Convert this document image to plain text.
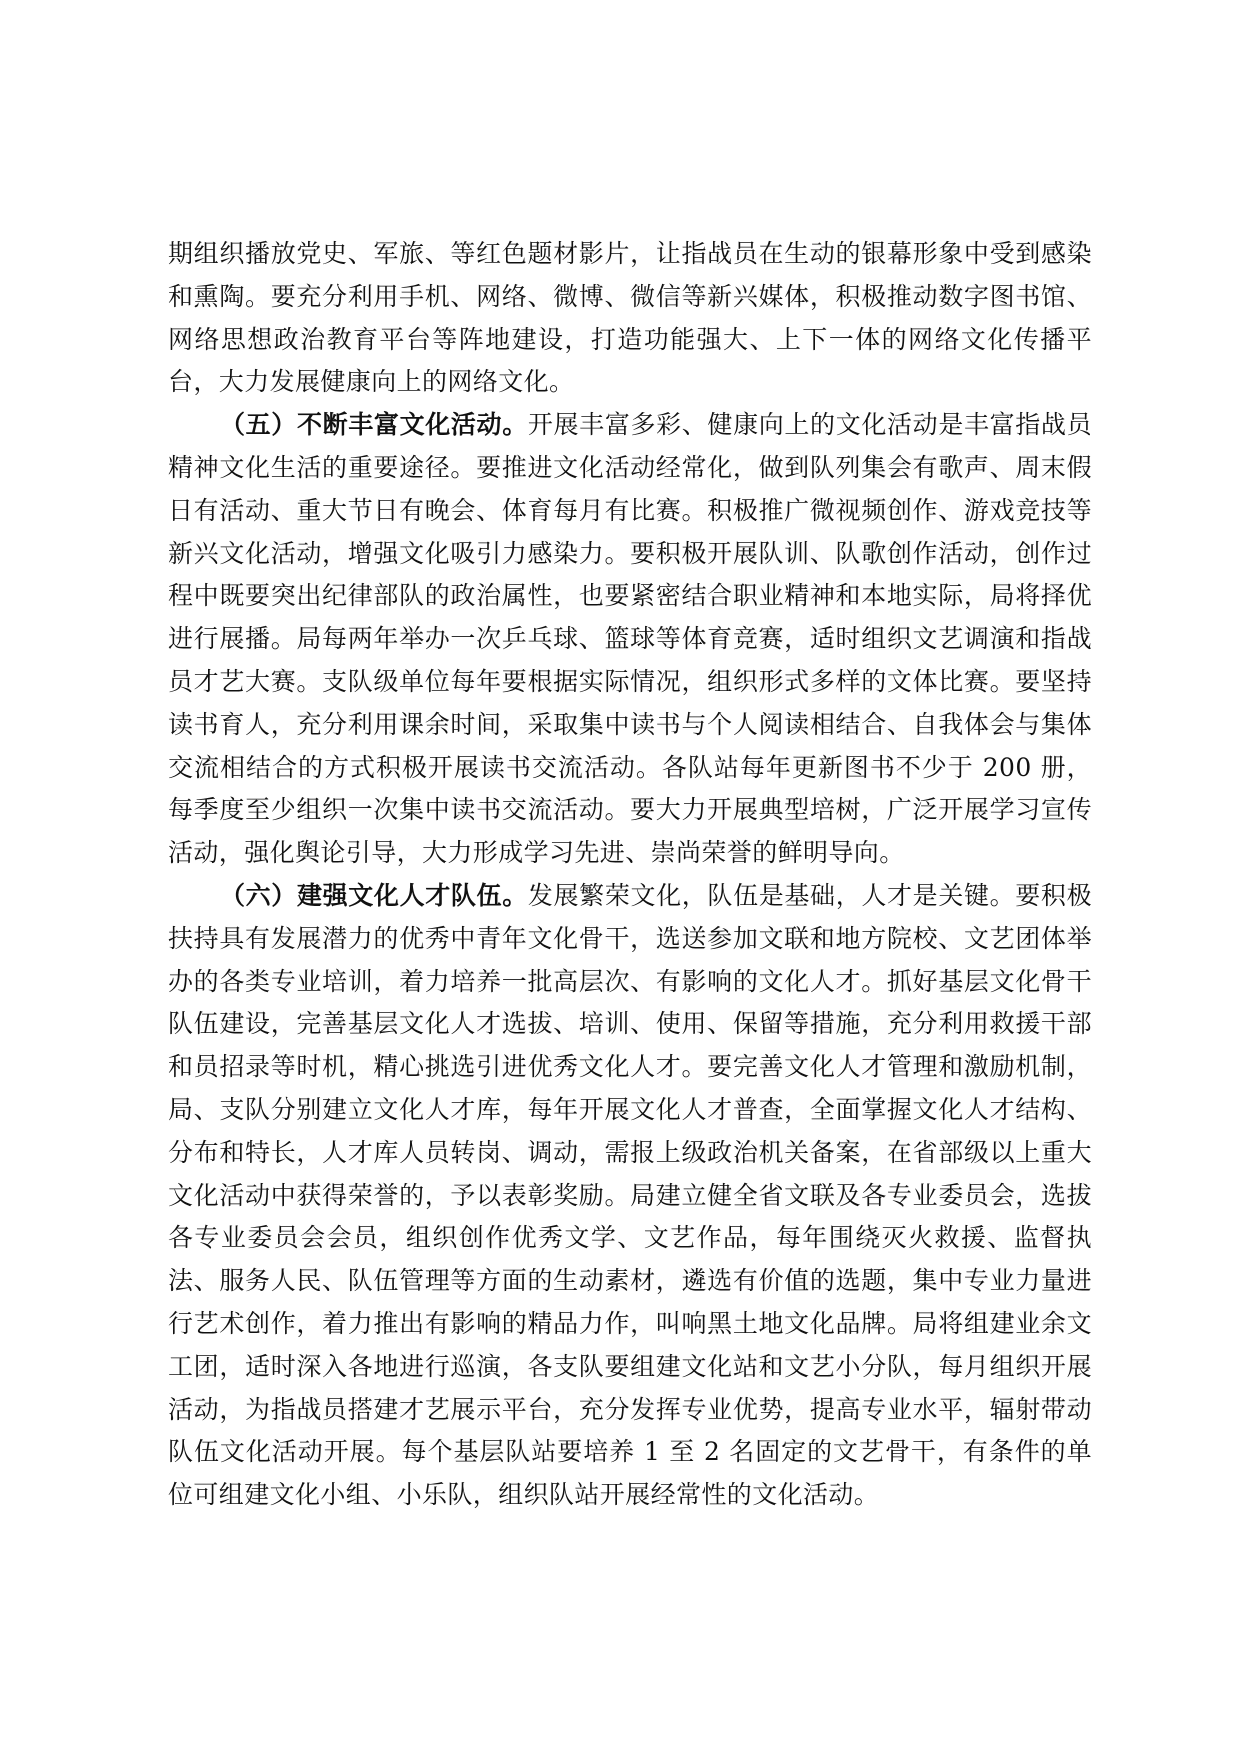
期组织播放党史、军旅、等红色题材影片，让指战员在生动的银幕形象中受到感染和熏陶。要充分利用手机、网络、微博、微信等新兴媒体，积极推动数字图书馆、网络思想政治教育平台等阵地建设，打造功能强大、上下一体的网络文化传播平台，大力发展健康向上的网络文化。

（五）不断丰富文化活动。开展丰富多彩、健康向上的文化活动是丰富指战员精神文化生活的重要途径。要推进文化活动经常化，做到队列集会有歌声、周末假日有活动、重大节日有晚会、体育每月有比赛。积极推广微视频创作、游戏竞技等新兴文化活动，增强文化吸引力感染力。要积极开展队训、队歌创作活动，创作过程中既要突出纪律部队的政治属性，也要紧密结合职业精神和本地实际，局将择优进行展播。局每两年举办一次乒乓球、篮球等体育竞赛，适时组织文艺调演和指战员才艺大赛。支队级单位每年要根据实际情况，组织形式多样的文体比赛。要坚持读书育人，充分利用课余时间，采取集中读书与个人阅读相结合、自我体会与集体交流相结合的方式积极开展读书交流活动。各队站每年更新图书不少于 200 册，每季度至少组织一次集中读书交流活动。要大力开展典型培树，广泛开展学习宣传活动，强化舆论引导，大力形成学习先进、崇尚荣誉的鲜明导向。

（六）建强文化人才队伍。发展繁荣文化，队伍是基础，人才是关键。要积极扶持具有发展潜力的优秀中青年文化骨干，选送参加文联和地方院校、文艺团体举办的各类专业培训，着力培养一批高层次、有影响的文化人才。抓好基层文化骨干队伍建设，完善基层文化人才选拔、培训、使用、保留等措施，充分利用救援干部和员招录等时机，精心挑选引进优秀文化人才。要完善文化人才管理和激励机制，局、支队分别建立文化人才库，每年开展文化人才普查，全面掌握文化人才结构、分布和特长，人才库人员转岗、调动，需报上级政治机关备案，在省部级以上重大文化活动中获得荣誉的，予以表彰奖励。局建立健全省文联及各专业委员会，选拔各专业委员会会员，组织创作优秀文学、文艺作品，每年围绕灭火救援、监督执法、服务人民、队伍管理等方面的生动素材，遴选有价值的选题，集中专业力量进行艺术创作，着力推出有影响的精品力作，叫响黑土地文化品牌。局将组建业余文工团，适时深入各地进行巡演，各支队要组建文化站和文艺小分队，每月组织开展活动，为指战员搭建才艺展示平台，充分发挥专业优势，提高专业水平，辐射带动队伍文化活动开展。每个基层队站要培养 1 至 2 名固定的文艺骨干，有条件的单位可组建文化小组、小乐队，组织队站开展经常性的文化活动。
